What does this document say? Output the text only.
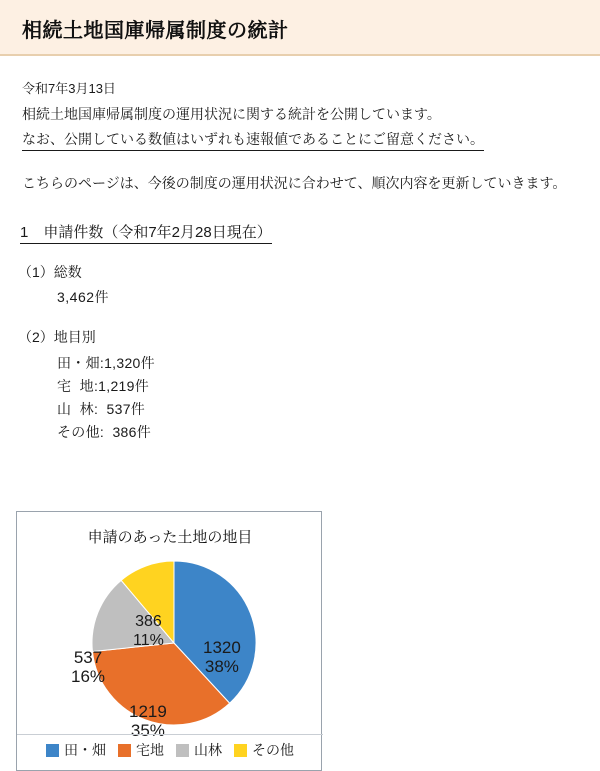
相続土地国庫帰属制度の統計
令和7年3月13日
相続土地国庫帰属制度の運用状況に関する統計を公開しています。
なお、公開している数値はいずれも速報値であることにご留意ください。
こちらのページは、今後の制度の運用状況に合わせて、順次内容を更新していきます。
1　申請件数（令和7年2月28日現在）
（1）総数
3,462件
（2）地目別
田・畑:1,320件
宅  地:1,219件
山  林:  537件
その他:  386件
申請のあった土地の地目
1320
38%
1219
35%
537
16%
386
11%
田・畑 宅地 山林 その他
